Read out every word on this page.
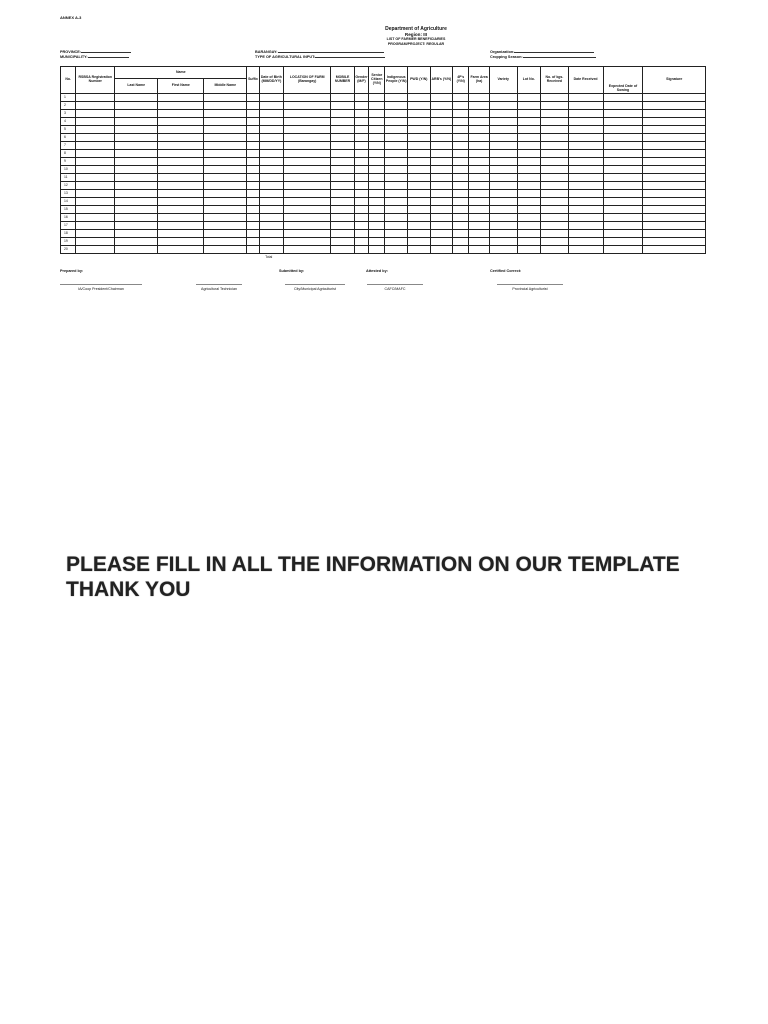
ANNEX A-3
Department of Agriculture
Region: III
LIST OF FARMER BENEFICIARIES
PROGRAM/PROJECT: REGULAR
PROVINCE:
MUNICIPALITY:
BARANGAY:
TYPE OF AGRICULTURAL INPUT:
Organization:
Cropping Season:
No.	RSBSA Registration Number	Name			Suffix	Date of Birth (MM/DD/YY)	LOCATION OF FARM (Barangay)	MOBILE NUMBER	Gender (M/F)	Senior Citizen (Y/N)	Indigenous People (Y/N)	PWD (Y/N)	ARB's (Y/N)	4P's (Y/N)	Farm Area (ha)	Variety	Lot No.	No. of kgs. Received	Date Received	Expected Date of Sowing	Signature
		Last Name	First Name	Middle Name																	
1																					
2																					
3																					
4																					
5																					
6																					
7																					
8																					
9																					
10																					
11																					
12																					
13																					
14																					
15																					
16																					
17																					
18																					
19																					
20																					
						Total															
Prepared by:	Submitted by:	Attested by:	Certified Correct:
IA/Coop President/Chairman	Agricultural Technician	City/Municipal Agriculturist	CAFC/MAFC	Provincial Agriculturist
PLEASE FILL IN ALL THE INFORMATION ON OUR TEMPLATE
THANK YOU
